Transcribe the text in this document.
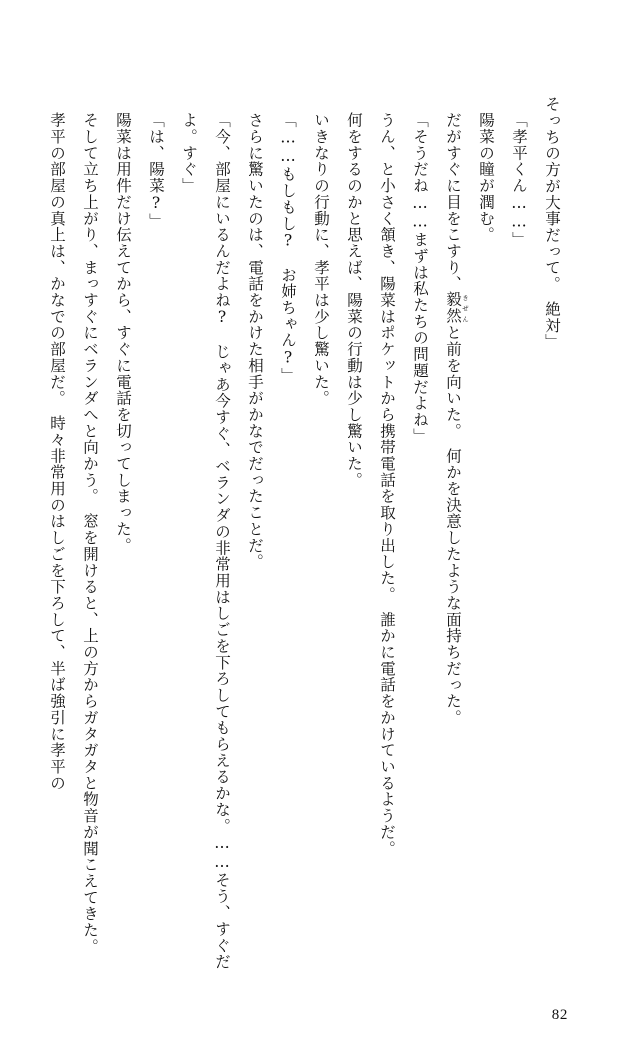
そっちの方が大事だって。　絶対」
「孝平くん……」
陽菜の瞳が潤む。
だがすぐに目をこすり、毅然 きぜんと前を向いた。　何かを決意したような面持ちだった。
「そうだね……まずは私たちの問題だよね」
うん、と小さく頷き、陽菜はポケットから携帯電話を取り出した。　誰かに電話をかけているようだ。
何をするのかと思えば、陽菜の行動は少し驚いた。
いきなりの行動に、孝平は少し驚いた。
「……もしもし?　お姉ちゃん?」
さらに驚いたのは、電話をかけた相手がかなでだったことだ。
「今、部屋にいるんだよね?　じゃあ今すぐ、ベランダの非常用はしごを下ろしてもらえるかな。……そう、すぐだよ。すぐ」
「は、陽菜?」
陽菜は用件だけ伝えてから、すぐに電話を切ってしまった。
そして立ち上がり、まっすぐにベランダへと向かう。　窓を開けると、上の方からガタガタと物音が聞こえてきた。
孝平の部屋の真上は、かなでの部屋だ。　時々非常用のはしごを下ろして、半ば強引に孝平の
82
